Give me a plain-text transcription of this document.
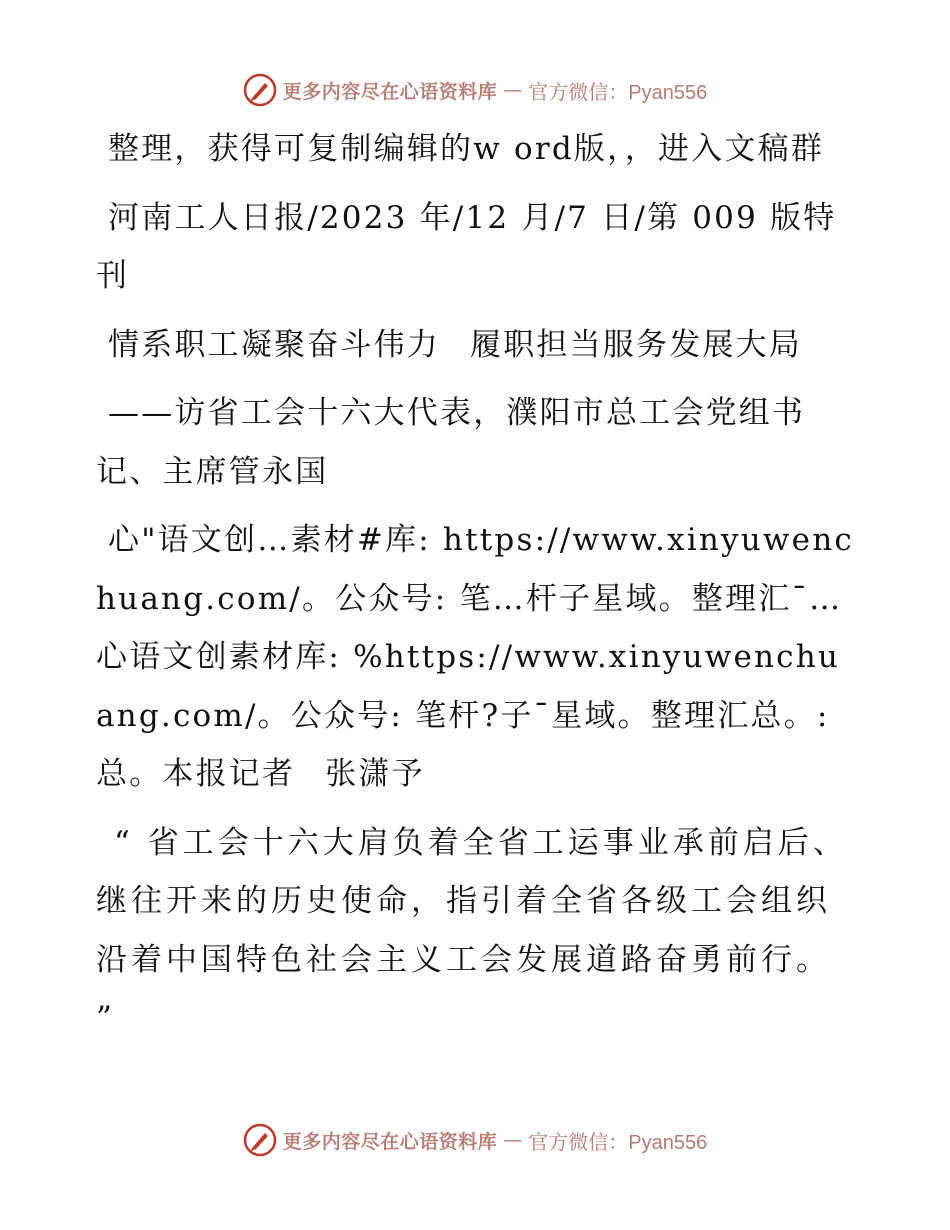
更多内容尽在心语资料库 — 官方微信：Pyan556

整理，获得可复制编辑的w ord版，，进入文稿群

河南工人日报/2023 年/12 月/7 日/第 009 版特刊

情系职工凝聚奋斗伟力 履职担当服务发展大局

——访省工会十六大代表，濮阳市总工会党组书记、主席管永国

心"语文创…素材#库: https://www.xinyuwenchuang.com/。公众号: 笔…杆子星域。整理汇¯…心语文创素材库: %https://www.xinyuwenchuang.com/。公众号: 笔杆?子¯星域。整理汇总。:总。本报记者 张潇予

“ 省工会十六大肩负着全省工运事业承前启后、继往开来的历史使命，指引着全省各级工会组织沿着中国特色社会主义工会发展道路奋勇前行。 ”

更多内容尽在心语资料库 — 官方微信：Pyan556
